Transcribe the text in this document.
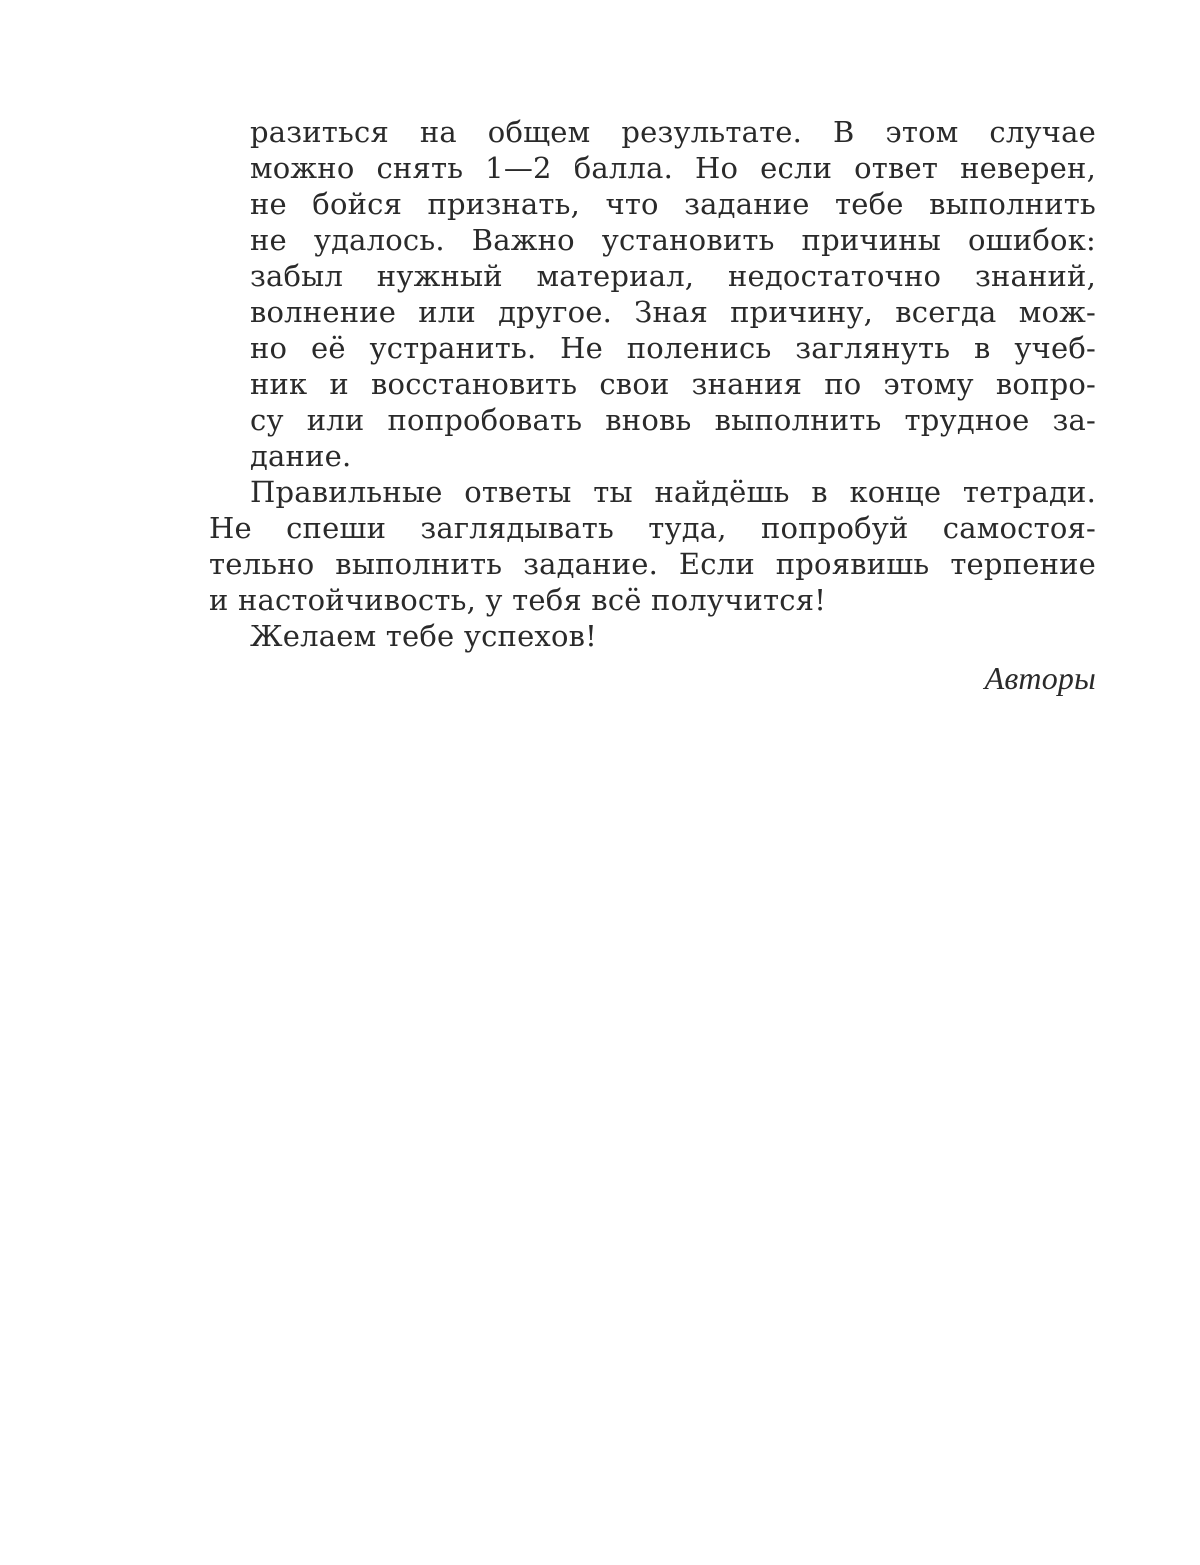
разиться на общем результате. В этом случае
можно снять 1—2 балла. Но если ответ неверен,
не бойся признать, что задание тебе выполнить
не удалось. Важно установить причины ошибок:
забыл нужный материал, недостаточно знаний,
волнение или другое. Зная причину, всегда мож-
но её устранить. Не поленись заглянуть в учеб-
ник и восстановить свои знания по этому вопро-
су или попробовать вновь выполнить трудное за-
дание.
Правильные ответы ты найдёшь в конце тетради.
Не спеши заглядывать туда, попробуй самостоя-
тельно выполнить задание. Если проявишь терпение
и настойчивость, у тебя всё получится!
Желаем тебе успехов!
Авторы
